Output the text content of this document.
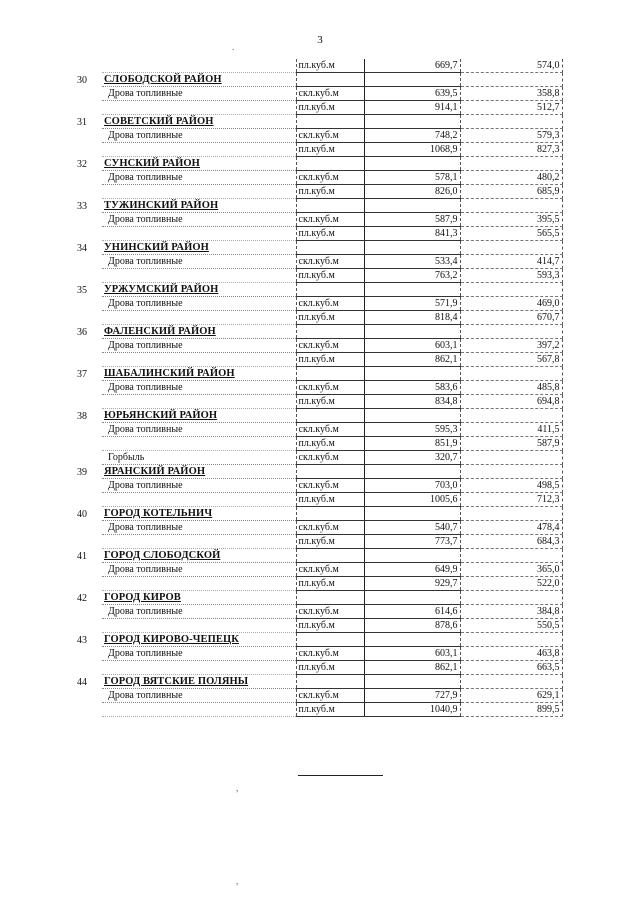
3
		пл.куб.м	669,7	574,0
30	СЛОБОДСКОЙ РАЙОН			
	Дрова топливные	скл.куб.м	639,5	358,8
		пл.куб.м	914,1	512,7
31	СОВЕТСКИЙ РАЙОН			
	Дрова топливные	скл.куб.м	748,2	579,3
		пл.куб.м	1068,9	827,3
32	СУНСКИЙ РАЙОН			
	Дрова топливные	скл.куб.м	578,1	480,2
		пл.куб.м	826,0	685,9
33	ТУЖИНСКИЙ РАЙОН			
	Дрова топливные	скл.куб.м	587,9	395,5
		пл.куб.м	841,3	565,5
34	УНИНСКИЙ РАЙОН			
	Дрова топливные	скл.куб.м	533,4	414,7
		пл.куб.м	763,2	593,3
35	УРЖУМСКИЙ РАЙОН			
	Дрова топливные	скл.куб.м	571,9	469,0
		пл.куб.м	818,4	670,7
36	ФАЛЕНСКИЙ РАЙОН			
	Дрова топливные	скл.куб.м	603,1	397,2
		пл.куб.м	862,1	567,8
37	ШАБАЛИНСКИЙ РАЙОН			
	Дрова топливные	скл.куб.м	583,6	485,8
		пл.куб.м	834,8	694,8
38	ЮРЬЯНСКИЙ РАЙОН			
	Дрова топливные	скл.куб.м	595,3	411,5
		пл.куб.м	851,9	587,9
	Горбыль	скл.куб.м	320,7	
39	ЯРАНСКИЙ РАЙОН			
	Дрова топливные	скл.куб.м	703,0	498,5
		пл.куб.м	1005,6	712,3
40	ГОРОД КОТЕЛЬНИЧ			
	Дрова топливные	скл.куб.м	540,7	478,4
		пл.куб.м	773,7	684,3
41	ГОРОД СЛОБОДСКОЙ			
	Дрова топливные	скл.куб.м	649,9	365,0
		пл.куб.м	929,7	522,0
42	ГОРОД КИРОВ			
	Дрова топливные	скл.куб.м	614,6	384,8
		пл.куб.м	878,6	550,5
43	ГОРОД КИРОВО-ЧЕПЕЦК			
	Дрова топливные	скл.куб.м	603,1	463,8
		пл.куб.м	862,1	663,5
44	ГОРОД ВЯТСКИЕ ПОЛЯНЫ			
	Дрова топливные	скл.куб.м	727,9	629,1
		пл.куб.м	1040,9	899,5
.
,
,
